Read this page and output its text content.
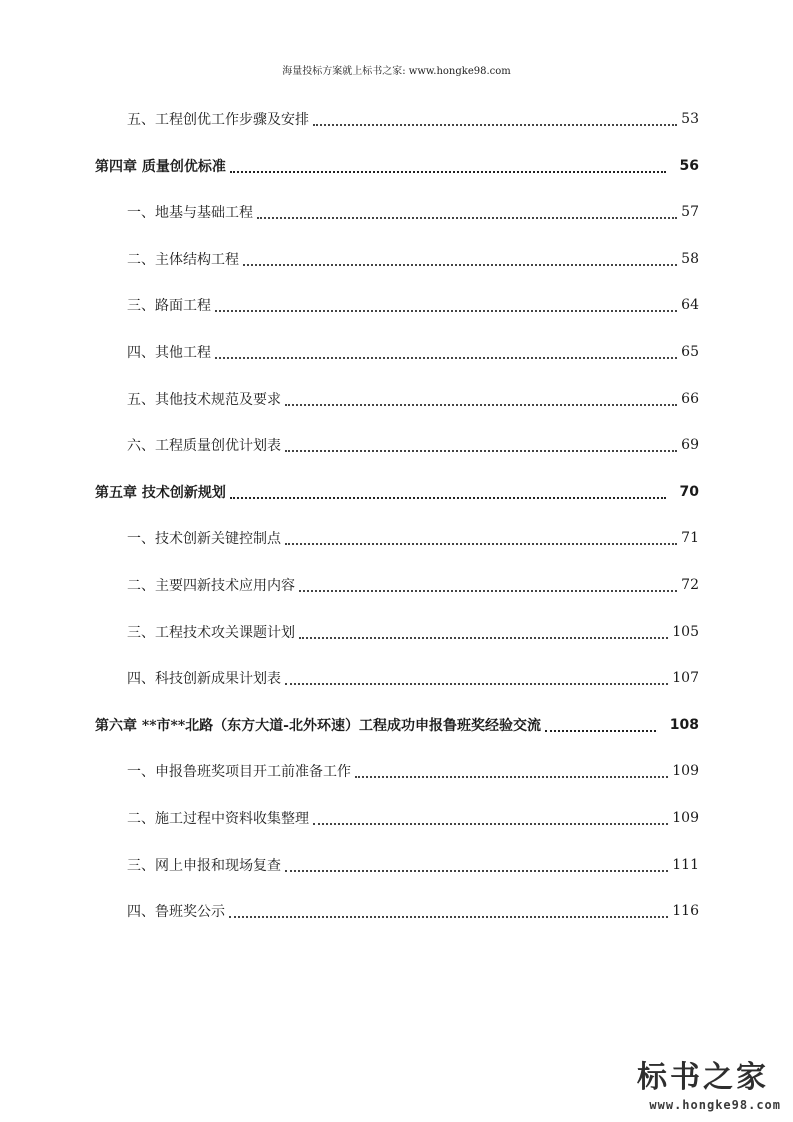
海量投标方案就上标书之家: www.hongke98.com
五、工程创优工作步骤及安排	53
第四章 质量创优标准	56
一、地基与基础工程	57
二、主体结构工程	58
三、路面工程	64
四、其他工程	65
五、其他技术规范及要求	66
六、工程质量创优计划表	69
第五章 技术创新规划	70
一、技术创新关键控制点	71
二、主要四新技术应用内容	72
三、工程技术攻关课题计划	105
四、科技创新成果计划表	107
第六章 **市**北路（东方大道-北外环速）工程成功申报鲁班奖经验交流	108
一、申报鲁班奖项目开工前准备工作	109
二、施工过程中资料收集整理	109
三、网上申报和现场复查	111
四、鲁班奖公示	116
标书之家
www.hongke98.com
